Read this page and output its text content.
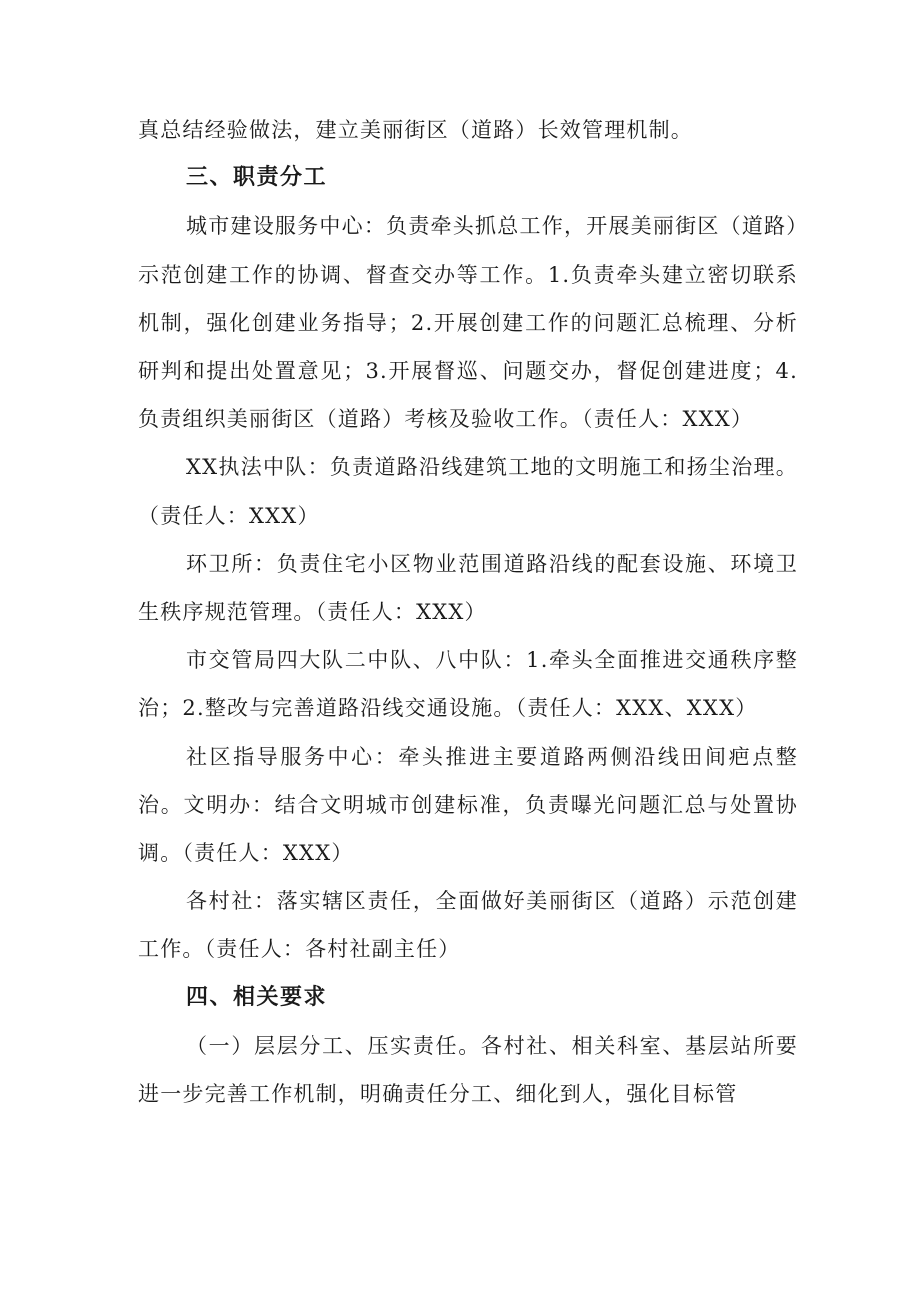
真总结经验做法，建立美丽街区（道路）长效管理机制。

三、职责分工

城市建设服务中心：负责牵头抓总工作，开展美丽街区（道路）示范创建工作的协调、督查交办等工作。1.负责牵头建立密切联系机制，强化创建业务指导；2.开展创建工作的问题汇总梳理、分析研判和提出处置意见；3.开展督巡、问题交办，督促创建进度；4.负责组织美丽街区（道路）考核及验收工作。（责任人：XXX）

XX执法中队：负责道路沿线建筑工地的文明施工和扬尘治理。（责任人：XXX）

环卫所：负责住宅小区物业范围道路沿线的配套设施、环境卫生秩序规范管理。（责任人：XXX）

市交管局四大队二中队、八中队：1.牵头全面推进交通秩序整治；2.整改与完善道路沿线交通设施。（责任人：XXX、XXX）

社区指导服务中心：牵头推进主要道路两侧沿线田间疤点整治。文明办：结合文明城市创建标准，负责曝光问题汇总与处置协调。（责任人：XXX）

各村社：落实辖区责任，全面做好美丽街区（道路）示范创建工作。（责任人：各村社副主任）

四、相关要求

（一）层层分工、压实责任。各村社、相关科室、基层站所要进一步完善工作机制，明确责任分工、细化到人，强化目标管
